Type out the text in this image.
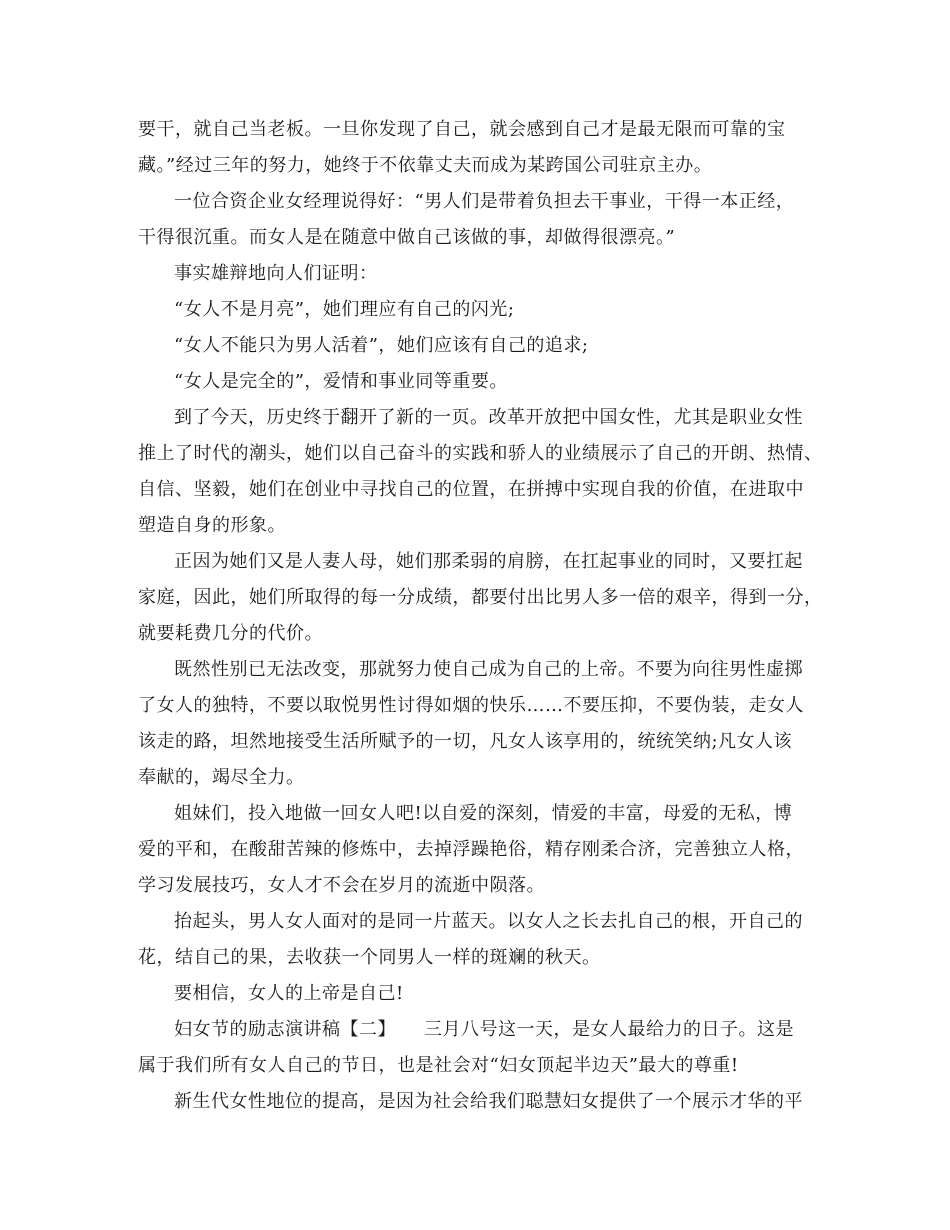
要干，就自己当老板。一旦你发现了自己，就会感到自己才是最无限而可靠的宝
藏。”经过三年的努力，她终于不依靠丈夫而成为某跨国公司驻京主办。
一位合资企业女经理说得好：“男人们是带着负担去干事业，干得一本正经，
干得很沉重。而女人是在随意中做自己该做的事，却做得很漂亮。”
事实雄辩地向人们证明：
“女人不是月亮”，她们理应有自己的闪光;
“女人不能只为男人活着”，她们应该有自己的追求;
“女人是完全的”，爱情和事业同等重要。
到了今天，历史终于翻开了新的一页。改革开放把中国女性，尤其是职业女性
推上了时代的潮头，她们以自己奋斗的实践和骄人的业绩展示了自己的开朗、热情、
自信、坚毅，她们在创业中寻找自己的位置，在拼搏中实现自我的价值，在进取中
塑造自身的形象。
正因为她们又是人妻人母，她们那柔弱的肩膀，在扛起事业的同时，又要扛起
家庭，因此，她们所取得的每一分成绩，都要付出比男人多一倍的艰辛，得到一分，
就要耗费几分的代价。
既然性别已无法改变，那就努力使自己成为自己的上帝。不要为向往男性虚掷
了女人的独特，不要以取悦男性讨得如烟的快乐……不要压抑，不要伪装，走女人
该走的路，坦然地接受生活所赋予的一切，凡女人该享用的，统统笑纳;凡女人该
奉献的，竭尽全力。
姐妹们，投入地做一回女人吧!以自爱的深刻，情爱的丰富，母爱的无私，博
爱的平和，在酸甜苦辣的修炼中，去掉浮躁艳俗，精存刚柔合济，完善独立人格，
学习发展技巧，女人才不会在岁月的流逝中陨落。
抬起头，男人女人面对的是同一片蓝天。以女人之长去扎自己的根，开自己的
花，结自己的果，去收获一个同男人一样的斑斓的秋天。
要相信，女人的上帝是自己!
妇女节的励志演讲稿【二】　　三月八号这一天，是女人最给力的日子。这是
属于我们所有女人自己的节日，也是社会对“妇女顶起半边天”最大的尊重!
新生代女性地位的提高，是因为社会给我们聪慧妇女提供了一个展示才华的平
